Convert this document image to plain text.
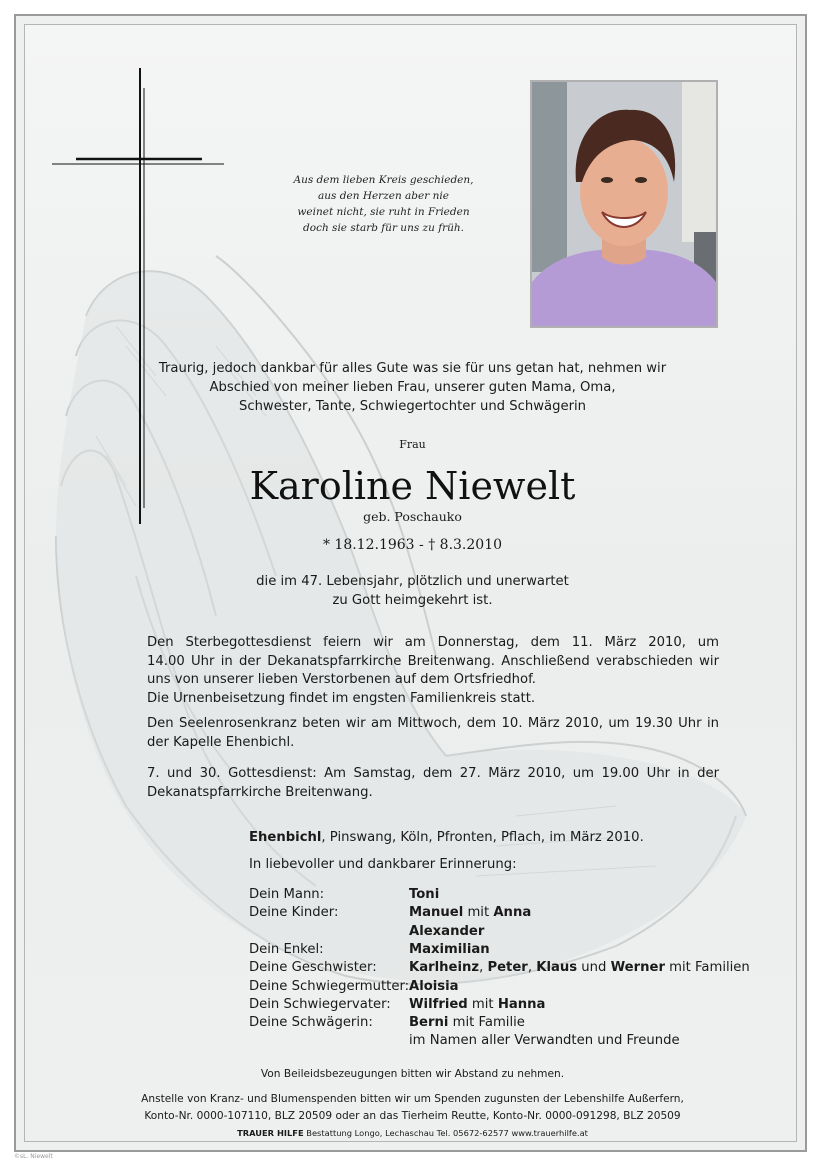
Aus dem lieben Kreis geschieden,
aus den Herzen aber nie
weinet nicht, sie ruht in Frieden
doch sie starb für uns zu früh.
Traurig, jedoch dankbar für alles Gute was sie für uns getan hat, nehmen wir
Abschied von meiner lieben Frau, unserer guten Mama, Oma,
Schwester, Tante, Schwiegertochter und Schwägerin
Frau
Karoline Niewelt
geb. Poschauko
* 18.12.1963 - † 8.3.2010
die im 47. Lebensjahr, plötzlich und unerwartet
zu Gott heimgekehrt ist.
Den Sterbegottesdienst feiern wir am Donnerstag, dem 11. März 2010, um
14.00 Uhr in der Dekanatspfarrkirche Breitenwang. Anschließend verabschieden wir
uns von unserer lieben Verstorbenen auf dem Ortsfriedhof.
Die Urnenbeisetzung findet im engsten Familienkreis statt.
Den Seelenrosenkranz beten wir am Mittwoch, dem 10. März 2010, um 19.30 Uhr in
der Kapelle Ehenbichl.
7. und 30. Gottesdienst: Am Samstag, dem 27. März 2010, um 19.00 Uhr in der
Dekanatspfarrkirche Breitenwang.
Ehenbichl, Pinswang, Köln, Pfronten, Pflach, im März 2010.
In liebevoller und dankbarer Erinnerung:
Dein Mann:	Toni
Deine Kinder:	Manuel mit Anna
Alexander
Dein Enkel:	Maximilian
Deine Geschwister: Karlheinz, Peter, Klaus und Werner mit Familien
Deine Schwiegermutter: Aloisia
Dein Schwiegervater: Wilfried mit Hanna
Deine Schwägerin:	Berni mit Familie
im Namen aller Verwandten und Freunde
Von Beileidsbezeugungen bitten wir Abstand zu nehmen.
Anstelle von Kranz- und Blumenspenden bitten wir um Spenden zugunsten der Lebenshilfe Außerfern,
Konto-Nr. 0000-107110, BLZ 20509 oder an das Tierheim Reutte, Konto-Nr. 0000-091298, BLZ 20509
TRAUER HILFE Bestattung Longo, Lechaschau Tel. 05672-62577 www.trauerhilfe.at
©sL. Niewelt
